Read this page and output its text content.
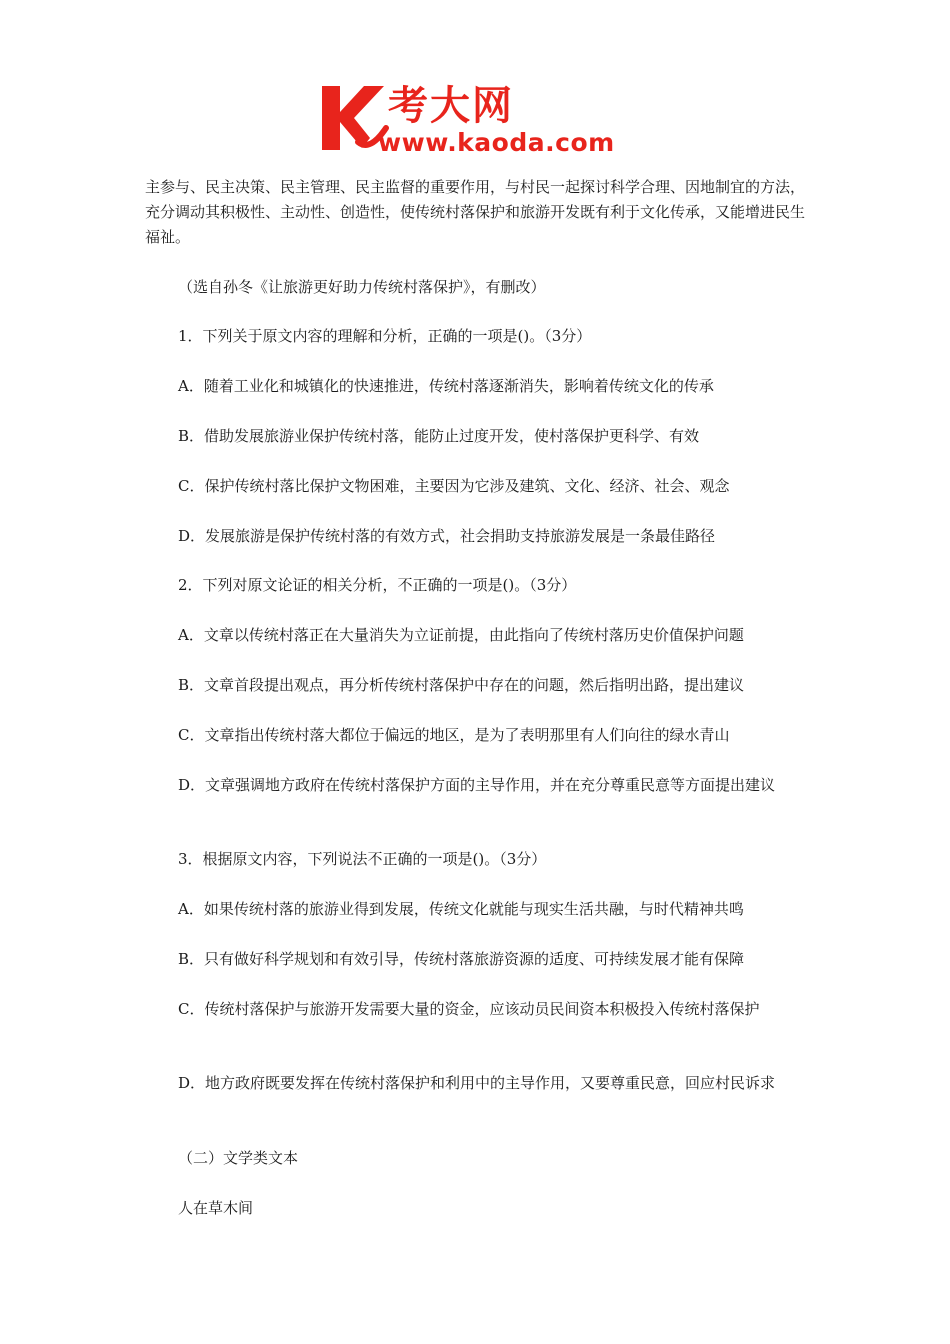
考大网
www.kaoda.com

主参与、民主决策、民主管理、民主监督的重要作用，与村民一起探讨科学合理、因地制宜的方法，充分调动其积极性、主动性、创造性，使传统村落保护和旅游开发既有利于文化传承，又能增进民生福祉。

（选自孙冬《让旅游更好助力传统村落保护》，有删改）

1．下列关于原文内容的理解和分析，正确的一项是()。（3分）

A．随着工业化和城镇化的快速推进，传统村落逐渐消失，影响着传统文化的传承

B．借助发展旅游业保护传统村落，能防止过度开发，使村落保护更科学、有效

C．保护传统村落比保护文物困难，主要因为它涉及建筑、文化、经济、社会、观念

D．发展旅游是保护传统村落的有效方式，社会捐助支持旅游发展是一条最佳路径

2．下列对原文论证的相关分析，不正确的一项是()。（3分）

A．文章以传统村落正在大量消失为立证前提，由此指向了传统村落历史价值保护问题

B．文章首段提出观点，再分析传统村落保护中存在的问题，然后指明出路，提出建议

C．文章指出传统村落大都位于偏远的地区，是为了表明那里有人们向往的绿水青山

D．文章强调地方政府在传统村落保护方面的主导作用，并在充分尊重民意等方面提出建议

3．根据原文内容，下列说法不正确的一项是()。（3分）

A．如果传统村落的旅游业得到发展，传统文化就能与现实生活共融，与时代精神共鸣

B．只有做好科学规划和有效引导，传统村落旅游资源的适度、可持续发展才能有保障

C．传统村落保护与旅游开发需要大量的资金，应该动员民间资本积极投入传统村落保护

D．地方政府既要发挥在传统村落保护和利用中的主导作用，又要尊重民意，回应村民诉求

（二）文学类文本

人在草木间
